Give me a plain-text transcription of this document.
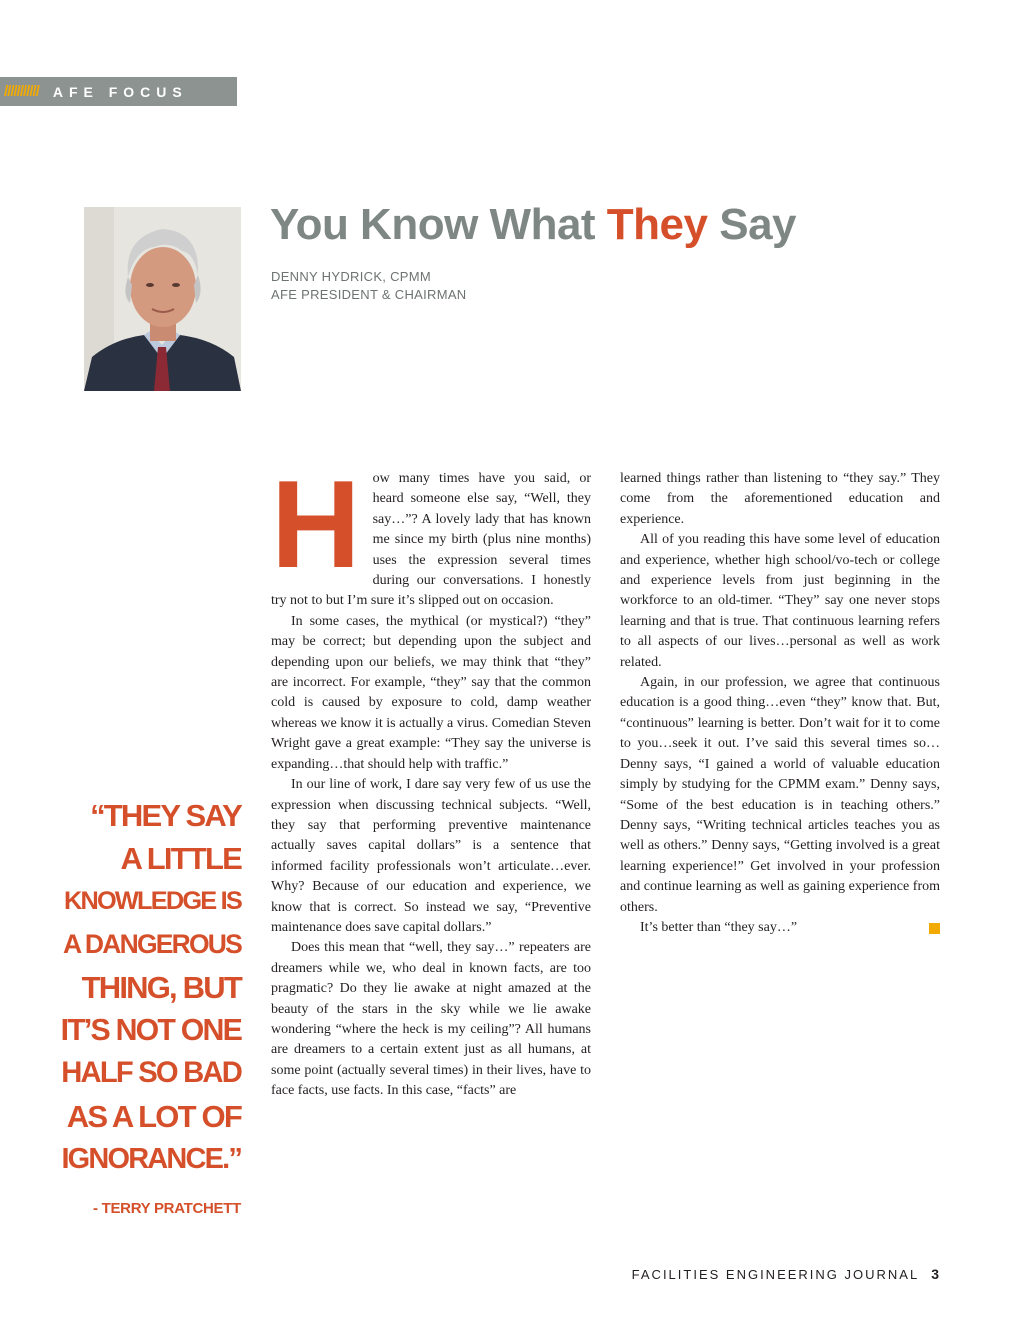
/////////// AFE FOCUS
You Know What They Say
DENNY HYDRICK, CPMM
AFE PRESIDENT & CHAIRMAN

How many times have you said, or heard someone else say, “Well, they say…”? A lovely lady that has known me since my birth (plus nine months) uses the expression several times during our conversations. I honestly try not to but I’m sure it’s slipped out on occasion.

In some cases, the mythical (or mystical?) “they” may be correct; but depending upon the subject and depending upon our beliefs, we may think that “they” are incorrect. For example, “they” say that the common cold is caused by exposure to cold, damp weather whereas we know it is actually a virus. Comedian Steven Wright gave a great example: “They say the universe is expanding…that should help with traffic.”

In our line of work, I dare say very few of us use the expression when discussing technical subjects. “Well, they say that performing preventive maintenance actually saves capital dollars” is a sentence that informed facility professionals won’t articulate…ever. Why? Because of our education and experience, we know that is correct. So instead we say, “Preventive maintenance does save capital dollars.”

Does this mean that “well, they say…” repeaters are dreamers while we, who deal in known facts, are too pragmatic? Do they lie awake at night amazed at the beauty of the stars in the sky while we lie awake wondering “where the heck is my ceiling”? All humans are dreamers to a certain extent just as all humans, at some point (actually several times) in their lives, have to face facts, use facts. In this case, “facts” are

learned things rather than listening to “they say.” They come from the aforementioned education and experience.

All of you reading this have some level of education and experience, whether high school/vo-tech or college and experience levels from just beginning in the workforce to an old-timer. “They” say one never stops learning and that is true. That continuous learning refers to all aspects of our lives…personal as well as work related.

Again, in our profession, we agree that continuous education is a good thing…even “they” know that. But, “continuous” learning is better. Don’t wait for it to come to you…seek it out. I’ve said this several times so…Denny says, “I gained a world of valuable education simply by studying for the CPMM exam.” Denny says, “Some of the best education is in teaching others.” Denny says, “Writing technical articles teaches you as well as others.” Denny says, “Getting involved is a great learning experience!” Get involved in your profession and continue learning as well as gaining experience from others.

It’s better than “they say…”

“THEY SAY
A LITTLE
KNOWLEDGE IS
A DANGEROUS
THING, BUT
IT’S NOT ONE
HALF SO BAD
AS A LOT OF
IGNORANCE.”
- TERRY PRATCHETT
FACILITIES ENGINEERING JOURNAL 3
